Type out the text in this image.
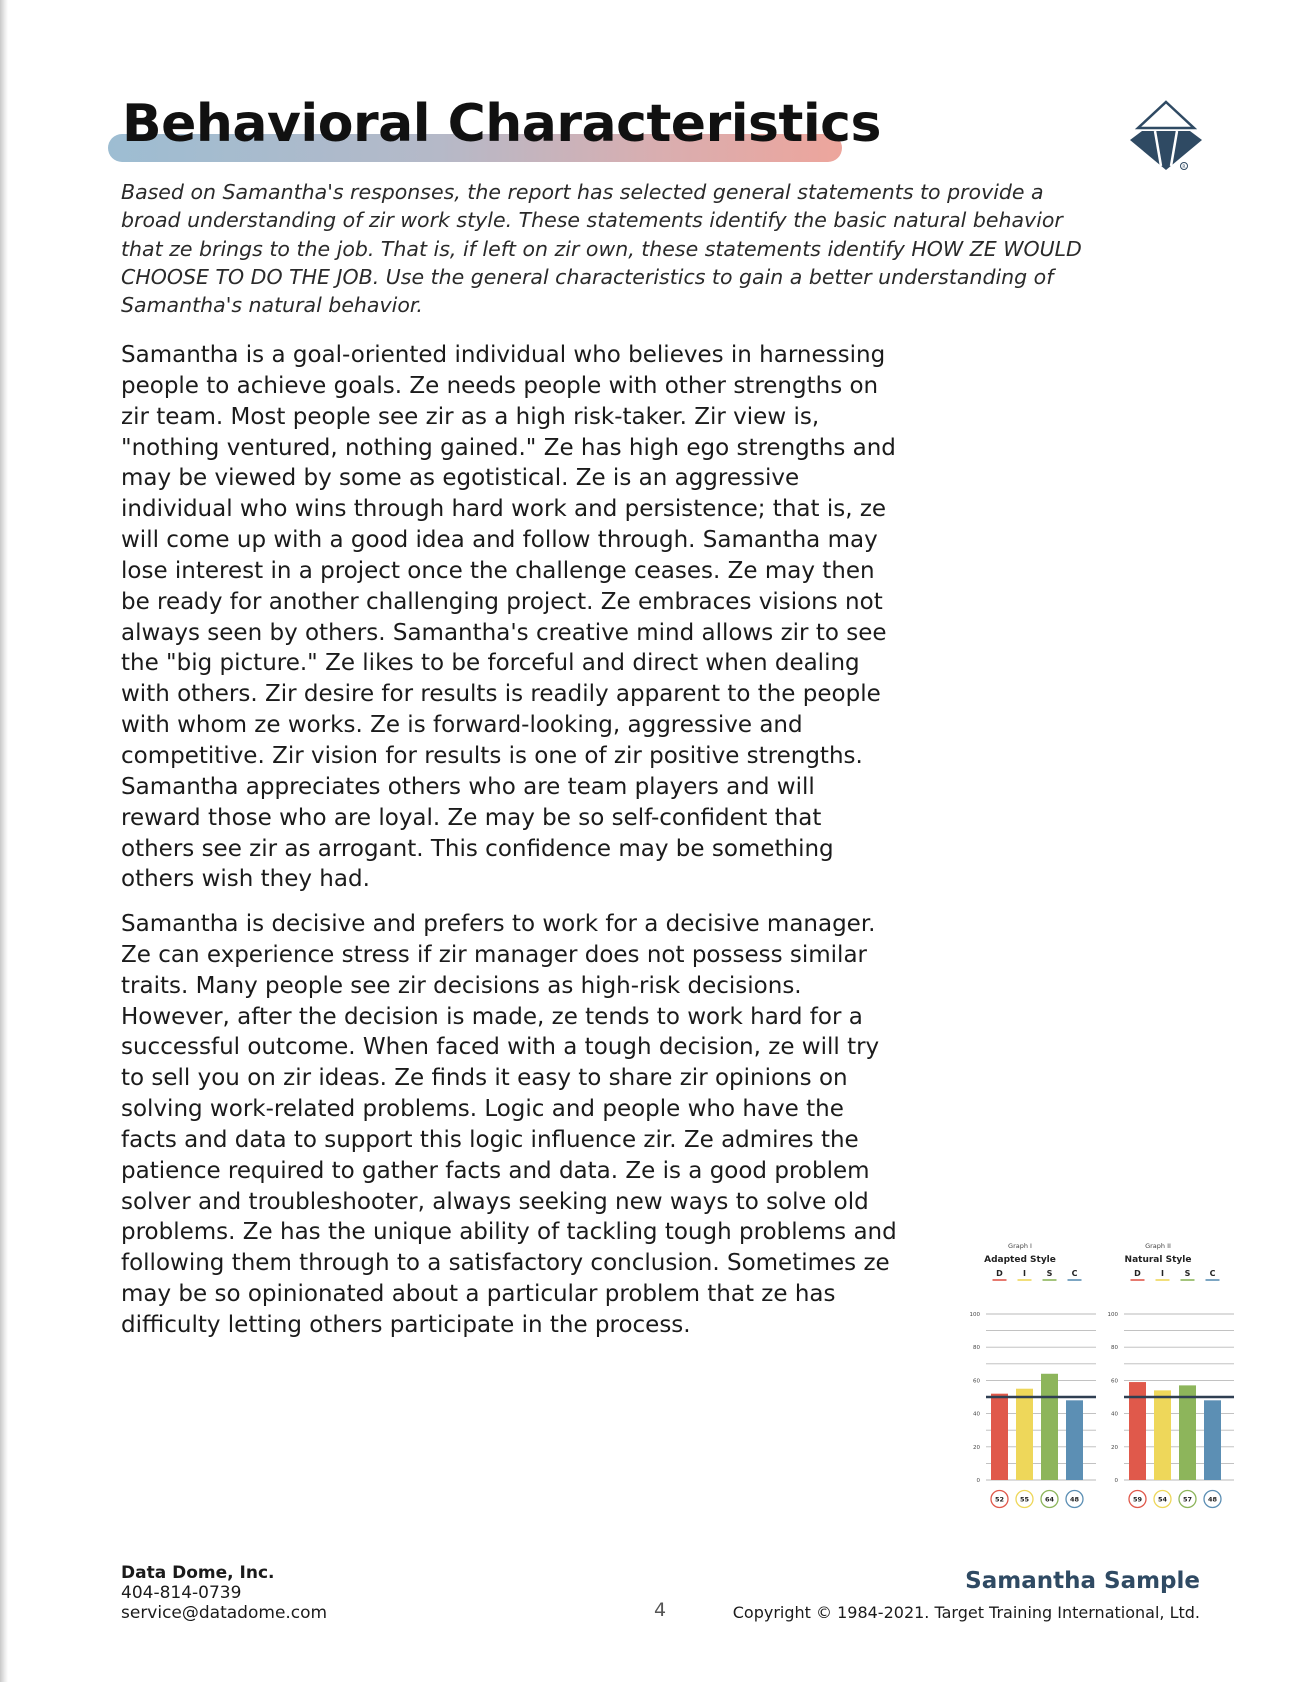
Behavioral Characteristics
R

Based on Samantha's responses, the report has selected general statements to provide a broad understanding of zir work style. These statements identify the basic natural behavior that ze brings to the job. That is, if left on zir own, these statements identify HOW ZE WOULD CHOOSE TO DO THE JOB. Use the general characteristics to gain a better understanding of Samantha's natural behavior.

Samantha is a goal-oriented individual who believes in harnessing people to achieve goals. Ze needs people with other strengths on zir team. Most people see zir as a high risk-taker. Zir view is, "nothing ventured, nothing gained." Ze has high ego strengths and may be viewed by some as egotistical. Ze is an aggressive individual who wins through hard work and persistence; that is, ze will come up with a good idea and follow through. Samantha may lose interest in a project once the challenge ceases. Ze may then be ready for another challenging project. Ze embraces visions not always seen by others. Samantha's creative mind allows zir to see the "big picture." Ze likes to be forceful and direct when dealing with others. Zir desire for results is readily apparent to the people with whom ze works. Ze is forward-looking, aggressive and competitive. Zir vision for results is one of zir positive strengths. Samantha appreciates others who are team players and will reward those who are loyal. Ze may be so self-confident that others see zir as arrogant. This confidence may be something others wish they had.

Samantha is decisive and prefers to work for a decisive manager. Ze can experience stress if zir manager does not possess similar traits. Many people see zir decisions as high-risk decisions. However, after the decision is made, ze tends to work hard for a successful outcome. When faced with a tough decision, ze will try to sell you on zir ideas. Ze finds it easy to share zir opinions on solving work-related problems. Logic and people who have the facts and data to support this logic influence zir. Ze admires the patience required to gather facts and data. Ze is a good problem solver and troubleshooter, always seeking new ways to solve old problems. Ze has the unique ability of tackling tough problems and following them through to a satisfactory conclusion. Sometimes ze may be so opinionated about a particular problem that ze has difficulty letting others participate in the process.

Graph I
Adapted Style
D	I	S C
0
20
40
60
80
100
52 55 64 48
Graph II
Natural Style
D	I	S C
0
20
40
60
80
100
59 54 57 48
Data Dome, Inc.
404-814-0739
service@datadome.com	4
Samantha Sample
Copyright © 1984-2021. Target Training International, Ltd.
